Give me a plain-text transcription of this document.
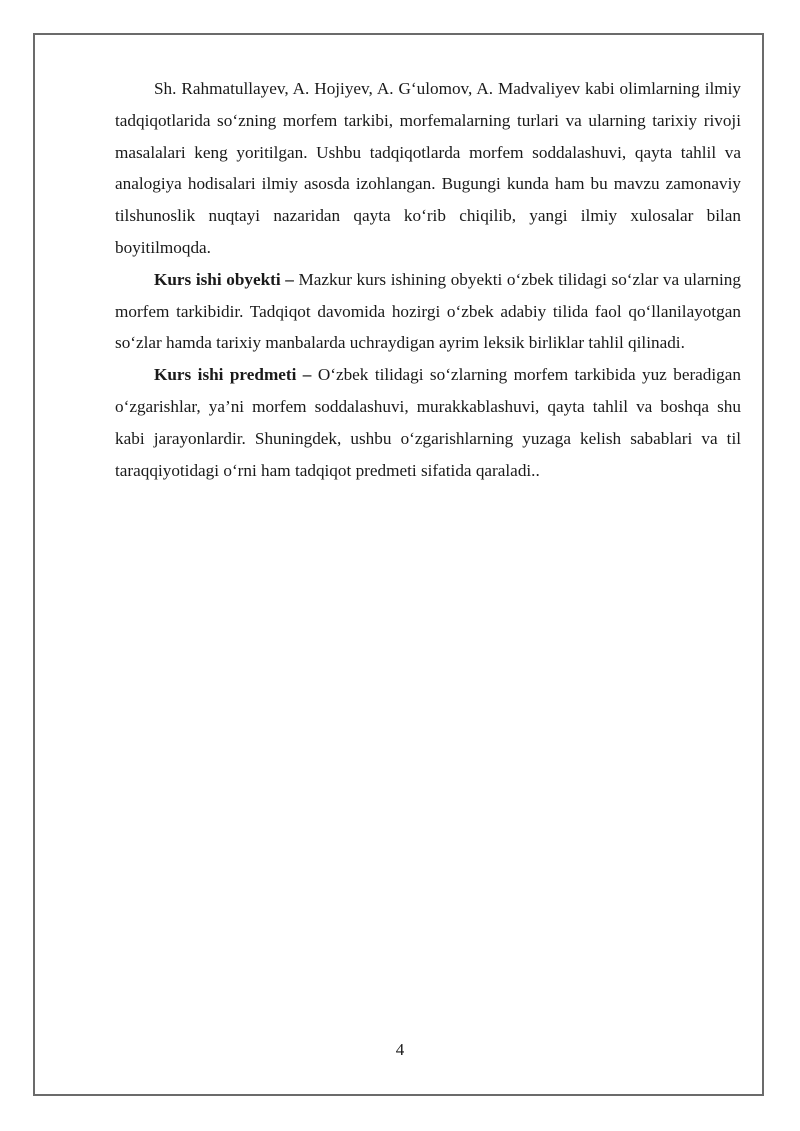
Sh. Rahmatullayev, A. Hojiyev, A. G‘ulomov, A. Madvaliyev kabi olimlarning ilmiy tadqiqotlarida so‘zning morfem tarkibi, morfemalarning turlari va ularning tarixiy rivoji masalalari keng yoritilgan. Ushbu tadqiqotlarda morfem soddalashuvi, qayta tahlil va analogiya hodisalari ilmiy asosda izohlangan. Bugungi kunda ham bu mavzu zamonaviy tilshunoslik nuqtayi nazaridan qayta ko‘rib chiqilib, yangi ilmiy xulosalar bilan boyitilmoqda.

Kurs ishi obyekti – Mazkur kurs ishining obyekti o‘zbek tilidagi so‘zlar va ularning morfem tarkibidir. Tadqiqot davomida hozirgi o‘zbek adabiy tilida faol qo‘llanilayotgan so‘zlar hamda tarixiy manbalarda uchraydigan ayrim leksik birliklar tahlil qilinadi.

Kurs ishi predmeti – O‘zbek tilidagi so‘zlarning morfem tarkibida yuz beradigan o‘zgarishlar, ya’ni morfem soddalashuvi, murakkablashuvi, qayta tahlil va boshqa shu kabi jarayonlardir. Shuningdek, ushbu o‘zgarishlarning yuzaga kelish sabablari va til taraqqiyotidagi o‘rni ham tadqiqot predmeti sifatida qaraladi..

4
